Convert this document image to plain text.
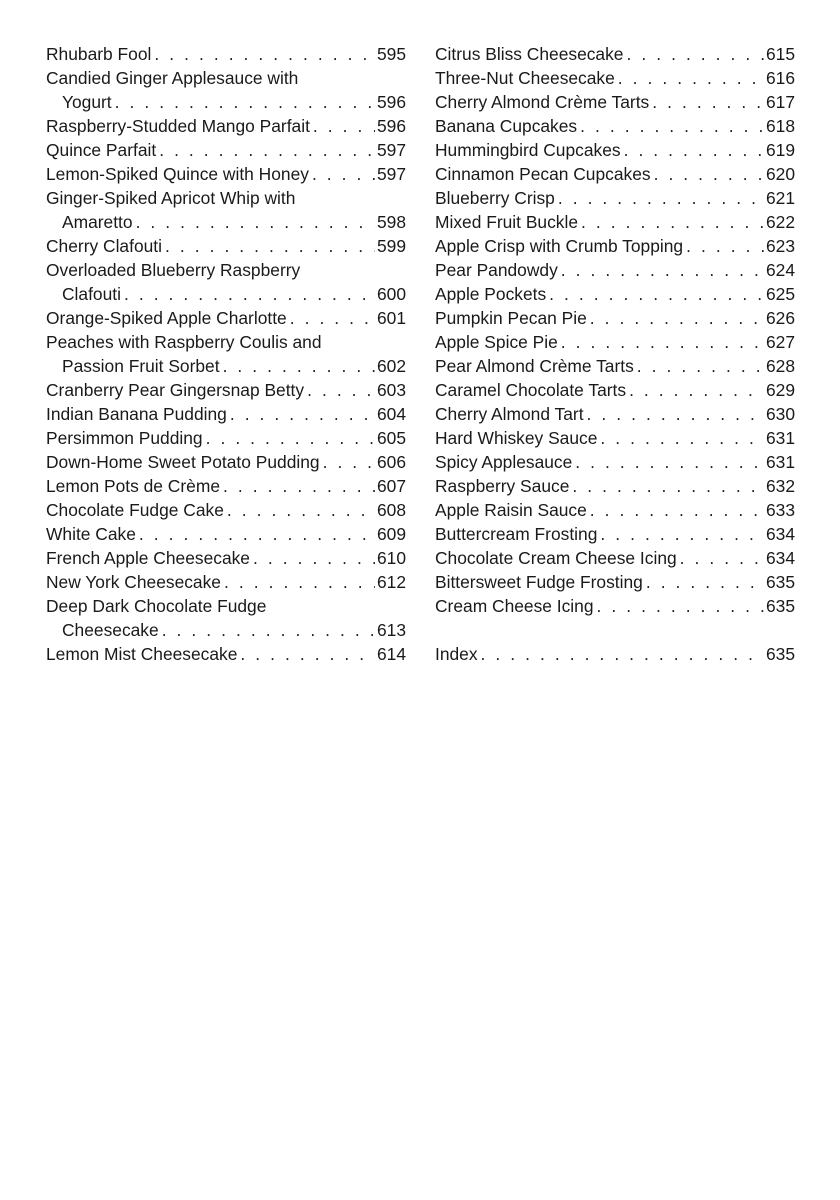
Rhubarb Fool . . .	595
Candied Ginger Applesauce with
Yogurt . . .	596
Raspberry-Studded Mango Parfait . . .	596
Quince Parfait . . .	597
Lemon-Spiked Quince with Honey . . .	597
Ginger-Spiked Apricot Whip with
Amaretto . . .	598
Cherry Clafouti . . .	599
Overloaded Blueberry Raspberry
Clafouti . . .	600
Orange-Spiked Apple Charlotte . . .	601
Peaches with Raspberry Coulis and
Passion Fruit Sorbet . . .	602
Cranberry Pear Gingersnap Betty . . .	603
Indian Banana Pudding . . .	604
Persimmon Pudding . . .	605
Down-Home Sweet Potato Pudding . . .	606
Lemon Pots de Crème . . .	607
Chocolate Fudge Cake . . .	608
White Cake . . .	609
French Apple Cheesecake . . .	610
New York Cheesecake . . .	612
Deep Dark Chocolate Fudge
Cheesecake . . .	613
Lemon Mist Cheesecake . . .	614
Citrus Bliss Cheesecake . . .	615
Three-Nut Cheesecake . . .	616
Cherry Almond Crème Tarts . . .	617
Banana Cupcakes . . .	618
Hummingbird Cupcakes . . .	619
Cinnamon Pecan Cupcakes . . .	620
Blueberry Crisp . . .	621
Mixed Fruit Buckle . . .	622
Apple Crisp with Crumb Topping . . .	623
Pear Pandowdy . . .	624
Apple Pockets . . .	625
Pumpkin Pecan Pie . . .	626
Apple Spice Pie . . .	627
Pear Almond Crème Tarts . . .	628
Caramel Chocolate Tarts . . .	629
Cherry Almond Tart . . .	630
Hard Whiskey Sauce . . .	631
Spicy Applesauce . . .	631
Raspberry Sauce . . .	632
Apple Raisin Sauce . . .	633
Buttercream Frosting . . .	634
Chocolate Cream Cheese Icing . . .	634
Bittersweet Fudge Frosting . . .	635
Cream Cheese Icing . . .	635
Index . . .	635
